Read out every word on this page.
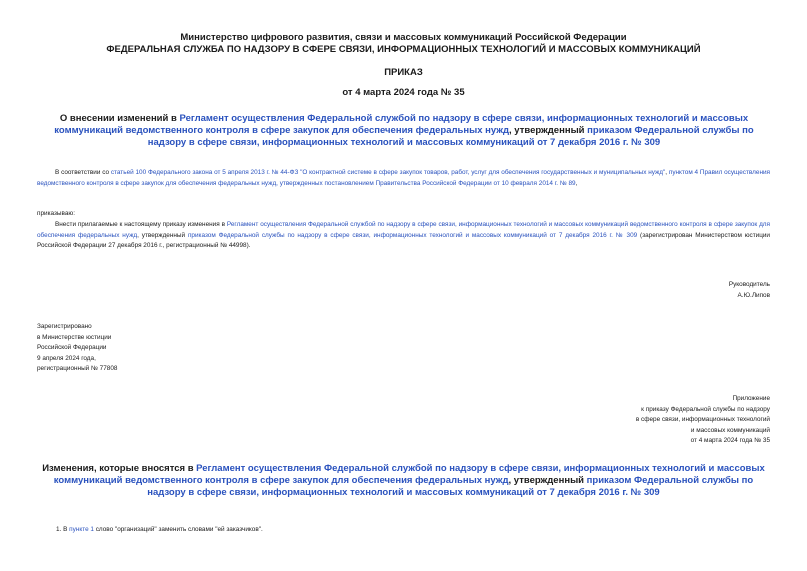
Министерство цифрового развития, связи и массовых коммуникаций Российской Федерации
ФЕДЕРАЛЬНАЯ СЛУЖБА ПО НАДЗОРУ В СФЕРЕ СВЯЗИ, ИНФОРМАЦИОННЫХ ТЕХНОЛОГИЙ И МАССОВЫХ КОММУНИКАЦИЙ
ПРИКАЗ
от 4 марта 2024 года № 35
О внесении изменений в Регламент осуществления Федеральной службой по надзору в сфере связи, информационных технологий и массовых коммуникаций ведомственного контроля в сфере закупок для обеспечения федеральных нужд, утвержденный приказом Федеральной службы по надзору в сфере связи, информационных технологий и массовых коммуникаций от 7 декабря 2016 г. № 309
В соответствии со статьей 100 Федерального закона от 5 апреля 2013 г. № 44-ФЗ "О контрактной системе в сфере закупок товаров, работ, услуг для обеспечения государственных и муниципальных нужд", пунктом 4 Правил осуществления ведомственного контроля в сфере закупок для обеспечения федеральных нужд, утвержденных постановлением Правительства Российской Федерации от 10 февраля 2014 г. № 89,
приказываю:
Внести прилагаемые к настоящему приказу изменения в Регламент осуществления Федеральной службой по надзору в сфере связи, информационных технологий и массовых коммуникаций ведомственного контроля в сфере закупок для обеспечения федеральных нужд, утвержденный приказом Федеральной службы по надзору в сфере связи, информационных технологий и массовых коммуникаций от 7 декабря 2016 г. № 309 (зарегистрирован Министерством юстиции Российской Федерации 27 декабря 2016 г., регистрационный № 44998).
Руководитель
А.Ю.Липов
Зарегистрировано
в Министерстве юстиции
Российской Федерации
9 апреля 2024 года,
регистрационный № 77808
Приложение
к приказу Федеральной службы по надзору
в сфере связи, информационных технологий
и массовых коммуникаций
от 4 марта 2024 года № 35
Изменения, которые вносятся в Регламент осуществления Федеральной службой по надзору в сфере связи, информационных технологий и массовых коммуникаций ведомственного контроля в сфере закупок для обеспечения федеральных нужд, утвержденный приказом Федеральной службы по надзору в сфере связи, информационных технологий и массовых коммуникаций от 7 декабря 2016 г. № 309
1. В пункте 1 слово "организаций" заменить словами "ей заказчиков".
